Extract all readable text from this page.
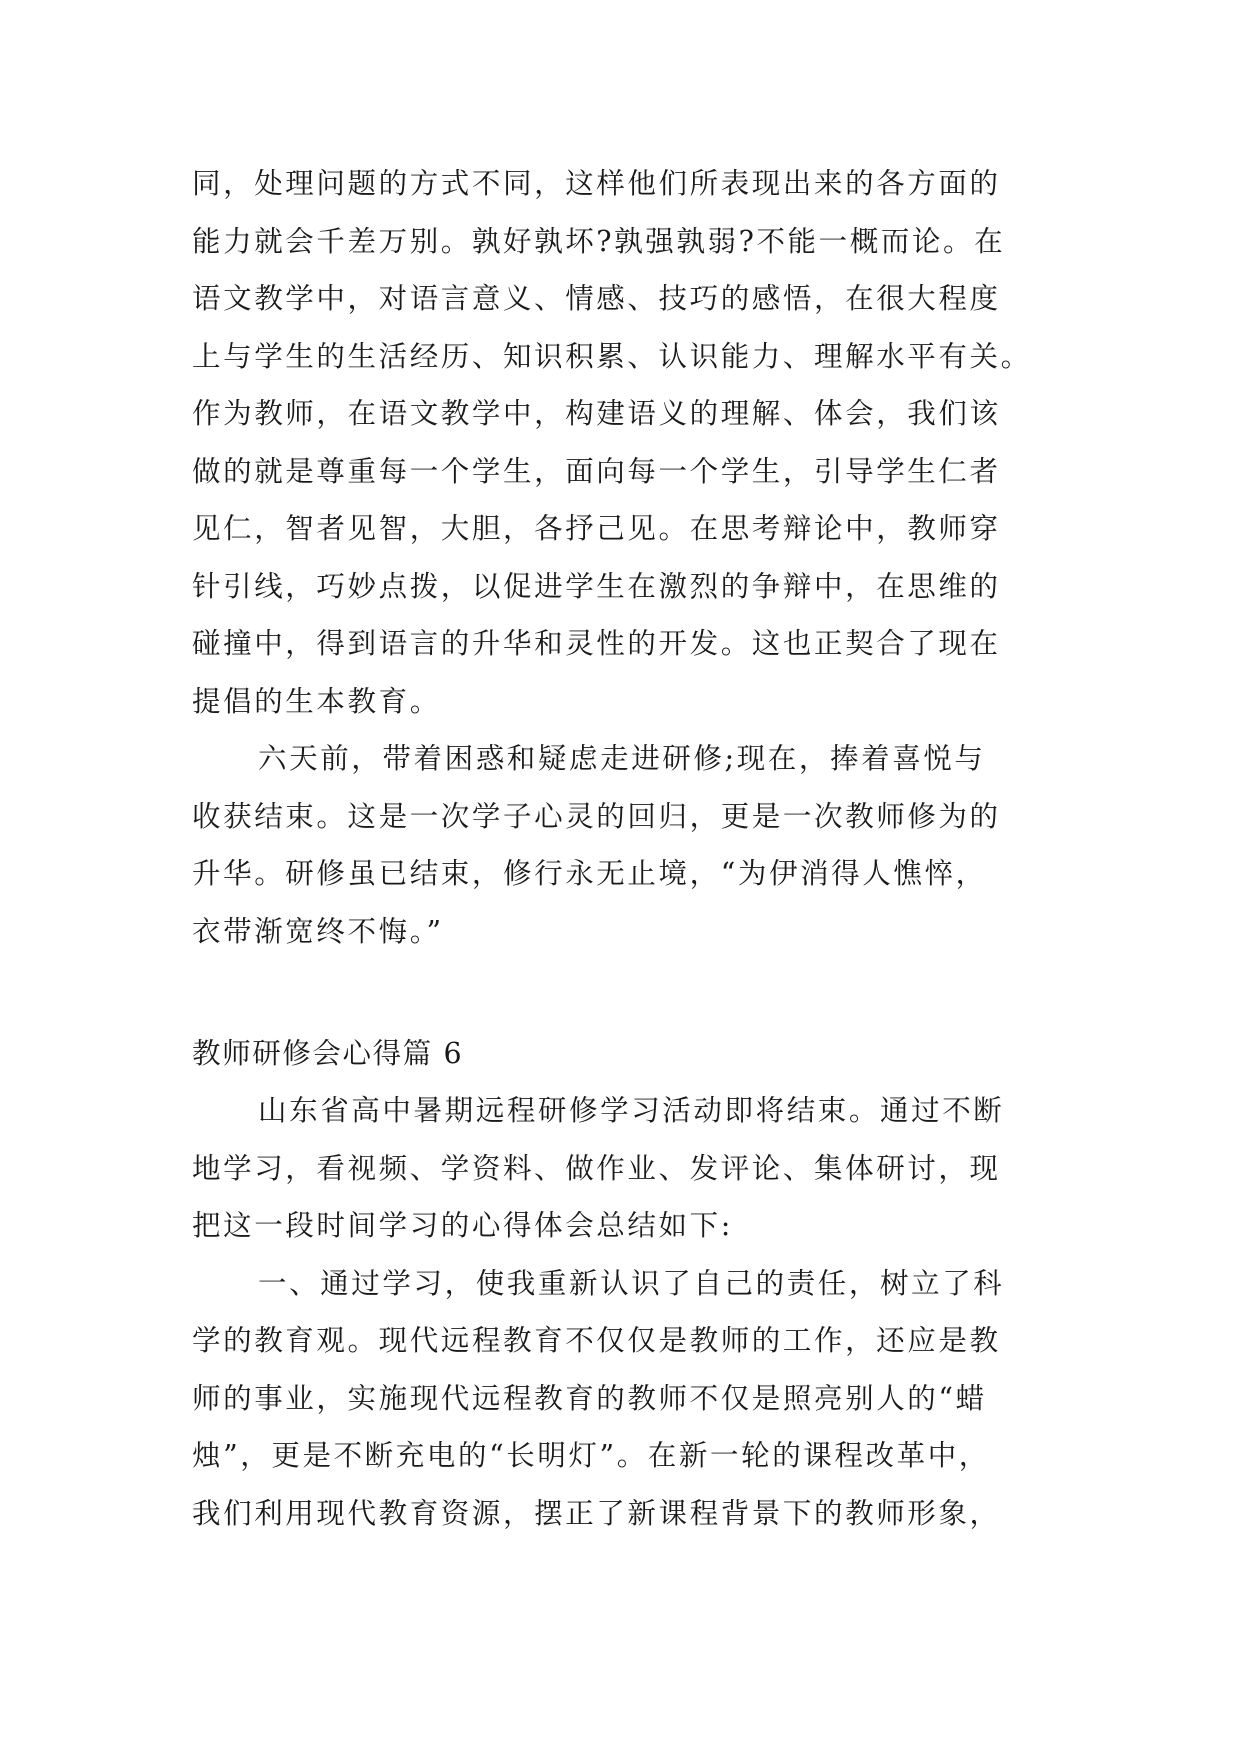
同，处理问题的方式不同，这样他们所表现出来的各方面的
能力就会千差万别。孰好孰坏?孰强孰弱?不能一概而论。在
语文教学中，对语言意义、情感、技巧的感悟，在很大程度
上与学生的生活经历、知识积累、认识能力、理解水平有关。
作为教师，在语文教学中，构建语义的理解、体会，我们该
做的就是尊重每一个学生，面向每一个学生，引导学生仁者
见仁，智者见智，大胆，各抒己见。在思考辩论中，教师穿
针引线，巧妙点拨，以促进学生在激烈的争辩中，在思维的
碰撞中，得到语言的升华和灵性的开发。这也正契合了现在
提倡的生本教育。
六天前，带着困惑和疑虑走进研修;现在，捧着喜悦与
收获结束。这是一次学子心灵的回归，更是一次教师修为的
升华。研修虽已结束，修行永无止境，“为伊消得人憔悴，
衣带渐宽终不悔。”
教师研修会心得篇 6
山东省高中暑期远程研修学习活动即将结束。通过不断
地学习，看视频、学资料、做作业、发评论、集体研讨，现
把这一段时间学习的心得体会总结如下:
一、通过学习，使我重新认识了自己的责任，树立了科
学的教育观。现代远程教育不仅仅是教师的工作，还应是教
师的事业，实施现代远程教育的教师不仅是照亮别人的“蜡
烛”，更是不断充电的“长明灯”。在新一轮的课程改革中，
我们利用现代教育资源，摆正了新课程背景下的教师形象，
